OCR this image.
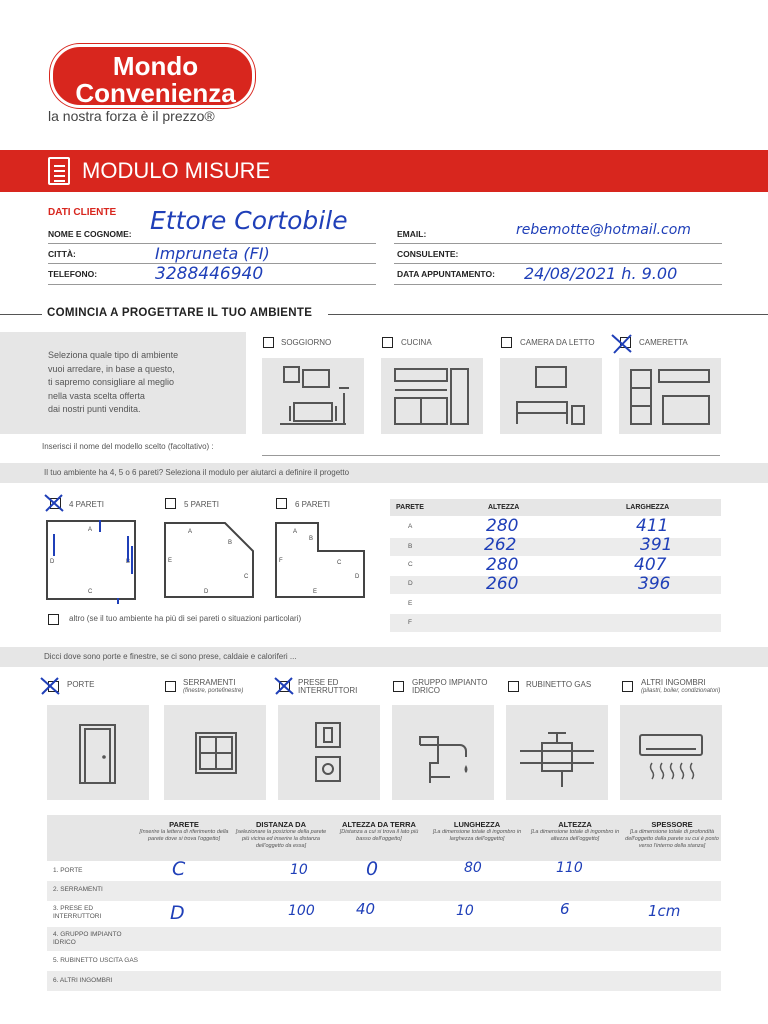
Mondo
Convenienza
la nostra forza è il prezzo®
MODULO MISURE
DATI CLIENTE
NOME E COGNOME: Ettore Cortobile
CITTÀ:	Impruneta (FI)
TELEFONO:	3288446940
EMAIL:	rebemotte@hotmail.com
CONSULENTE:
DATA APPUNTAMENTO: 24/08/2021 h. 9.00
COMINCIA A PROGETTARE IL TUO AMBIENTE
Seleziona quale tipo di ambiente
vuoi arredare, in base a questo,
ti sapremo consigliare al meglio
nella vasta scelta offerta
dai nostri punti vendita.
SOGGIORNO	CUCINA	CAMERA DA LETTO	CAMERETTA
Inserisci il nome del modello scelto (facoltativo) :
Il tuo ambiente ha 4, 5 o 6 pareti? Seleziona il modulo per aiutarci a definire il progetto
4 PARETI
A
B
C
D
5 PARETI
A
B
C
D
E
6 PARETI
A
B
C
D
E
F
altro (se il tuo ambiente ha più di sei pareti o situazioni particolari)
PARETE	ALTEZZA	LARGHEZZA
A	280	411
B	262	391
C	280	407
D	260	396
E
F
Dicci dove sono porte e finestre, se ci sono prese, caldaie e caloriferi ...
PORTE	SERRAMENTI
(finestre, portefinestre)
PRESE ED INTERRUTTORI
GRUPPO IMPIANTO IDRICO
RUBINETTO GAS	ALTRI INGOMBRI
(pilastri, boiler, condizionatori)
PARETE
[Inserire la lettera di riferimento della parete dove si trova l'oggetto]
DISTANZA DA
[selezionare la posizione della parete più vicina ed inserire la distanza dell'oggetto da essa]
ALTEZZA DA TERRA
[Distanza a cui si trova il lato più basso dell'oggetto]
LUNGHEZZA
[La dimensione totale di ingombro in larghezza dell'oggetto]
ALTEZZA
[La dimensione totale di ingombro in altezza dell'oggetto]
SPESSORE
[La dimensione totale di profondità dell'oggetto dalla parete su cui è posto verso l'interno della stanza]
1. PORTE	C	10	0	80	110
2. SERRAMENTI
3. PRESE ED INTERRUTTORI	D	100	40	10	6	1cm
4. GRUPPO IMPIANTO IDRICO
5. RUBINETTO USCITA GAS
6. ALTRI INGOMBRI
